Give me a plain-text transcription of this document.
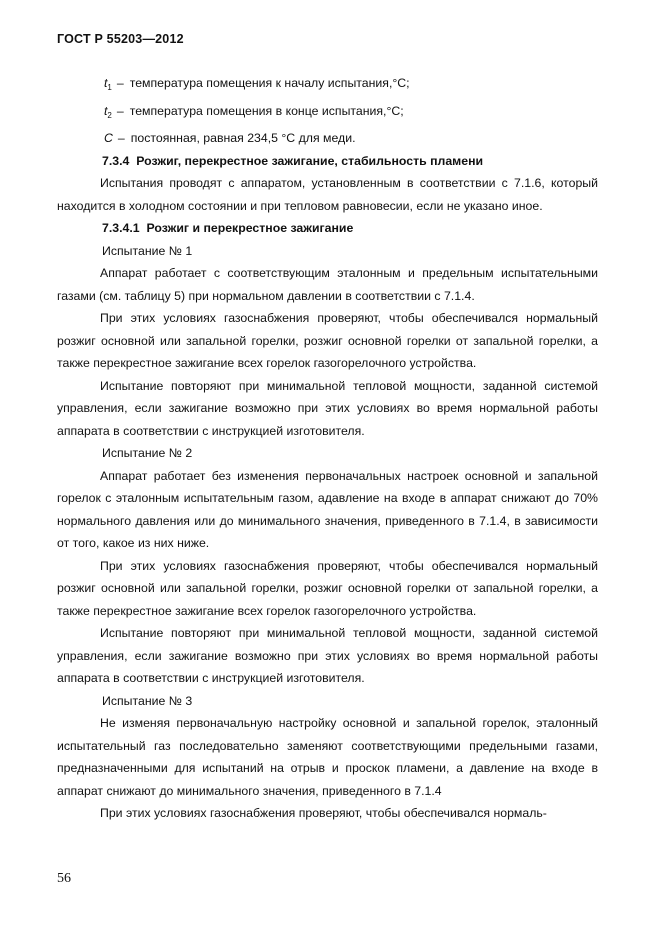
ГОСТ Р 55203—2012
$t_1$ – температура помещения к началу испытания,°С;
$t_2$ – температура помещения в конце испытания,°С;
C – постоянная, равная 234,5 °С для меди.
7.3.4 Розжиг, перекрестное зажигание, стабильность пламени

Испытания проводят с аппаратом, установленным в соответствии с 7.1.6, который находится в холодном состоянии и при тепловом равновесии, если не указано иное.

7.3.4.1 Розжиг и перекрестное зажигание
Испытание № 1

Аппарат работает с соответствующим эталонным и предельным испытательными газами (см. таблицу 5) при нормальном давлении в соответствии с 7.1.4.

При этих условиях газоснабжения проверяют, чтобы обеспечивался нормальный розжиг основной или запальной горелки, розжиг основной горелки от запальной горелки, а также перекрестное зажигание всех горелок газогорелочного устройства.

Испытание повторяют при минимальной тепловой мощности, заданной системой управления, если зажигание возможно при этих условиях во время нормальной работы аппарата в соответствии с инструкцией изготовителя.

Испытание № 2

Аппарат работает без изменения первоначальных настроек основной и запальной горелок с эталонным испытательным газом, адавление на входе в аппарат снижают до 70% нормального давления или до минимального значения, приведенного в 7.1.4, в зависимости от того, какое из них ниже.

При этих условиях газоснабжения проверяют, чтобы обеспечивался нормальный розжиг основной или запальной горелки, розжиг основной горелки от запальной горелки, а также перекрестное зажигание всех горелок газогорелочного устройства.

Испытание повторяют при минимальной тепловой мощности, заданной системой управления, если зажигание возможно при этих условиях во время нормальной работы аппарата в соответствии с инструкцией изготовителя.

Испытание № 3

Не изменяя первоначальную настройку основной и запальной горелок, эталонный испытательный газ последовательно заменяют соответствующими предельными газами, предназначенными для испытаний на отрыв и проскок пламени, а давление на входе в аппарат снижают до минимального значения, приведенного в 7.1.4

При этих условиях газоснабжения проверяют, чтобы обеспечивался нормаль-

56
